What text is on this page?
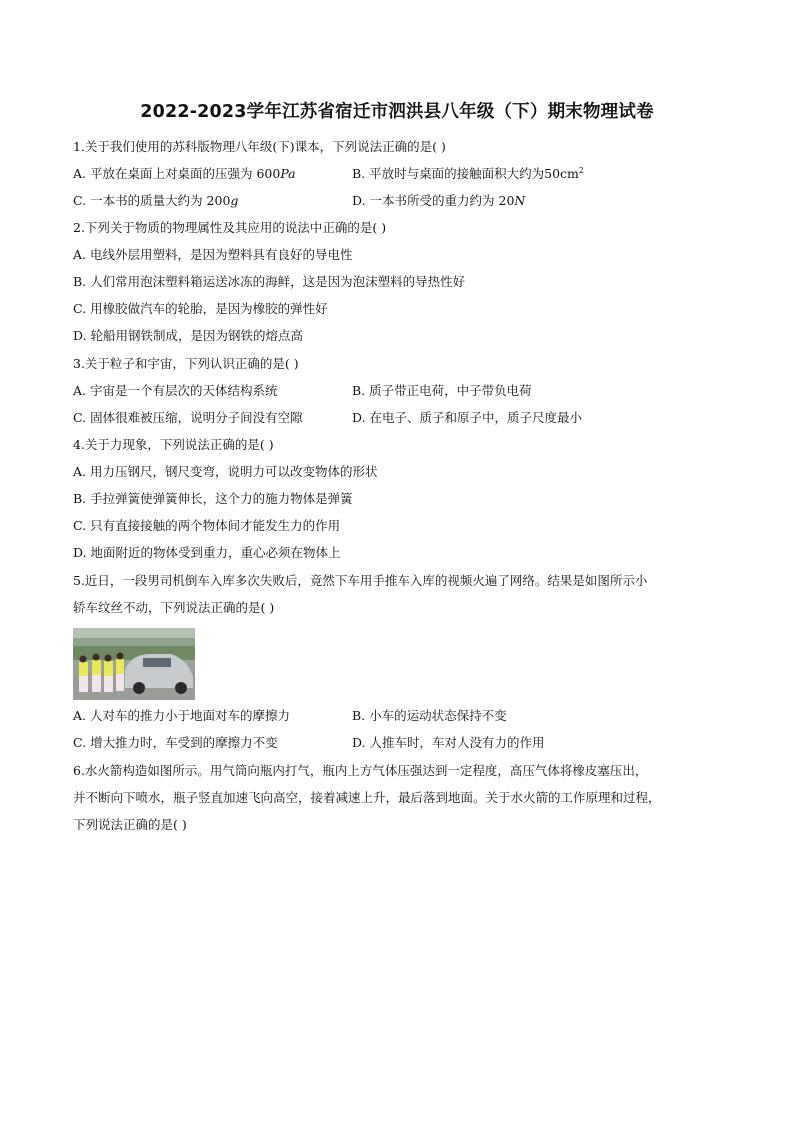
2022-2023学年江苏省宿迁市泗洪县八年级（下）期末物理试卷
1.关于我们使用的苏科版物理八年级(下)课本，下列说法正确的是( )
A. 平放在桌面上对桌面的压强为 600Pa	B. 平放时与桌面的接触面积大约为$50cm^2$
C. 一本书的质量大约为 200g	D. 一本书所受的重力约为 20N
2.下列关于物质的物理属性及其应用的说法中正确的是( )
A. 电线外层用塑料，是因为塑料具有良好的导电性
B. 人们常用泡沫塑料箱运送冰冻的海鲜，这是因为泡沫塑料的导热性好
C. 用橡胶做汽车的轮胎，是因为橡胶的弹性好
D. 轮船用钢铁制成，是因为钢铁的熔点高
3.关于粒子和宇宙，下列认识正确的是( )
A. 宇宙是一个有层次的天体结构系统	B. 质子带正电荷，中子带负电荷
C. 固体很难被压缩，说明分子间没有空隙	D. 在电子、质子和原子中，质子尺度最小
4.关于力现象，下列说法正确的是( )
A. 用力压钢尺，钢尺变弯，说明力可以改变物体的形状
B. 手拉弹簧使弹簧伸长，这个力的施力物体是弹簧
C. 只有直接接触的两个物体间才能发生力的作用
D. 地面附近的物体受到重力，重心必须在物体上
5.近日，一段男司机倒车入库多次失败后，竟然下车用手推车入库的视频火遍了网络。结果是如图所示小
轿车纹丝不动，下列说法正确的是( )
A. 人对车的推力小于地面对车的摩擦力	B. 小车的运动状态保持不变
C. 增大推力时，车受到的摩擦力不变	D. 人推车时，车对人没有力的作用
6.水火箭构造如图所示。用气筒向瓶内打气，瓶内上方气体压强达到一定程度，高压气体将橡皮塞压出，
并不断向下喷水，瓶子竖直加速飞向高空，接着减速上升，最后落到地面。关于水火箭的工作原理和过程，
下列说法正确的是( )
